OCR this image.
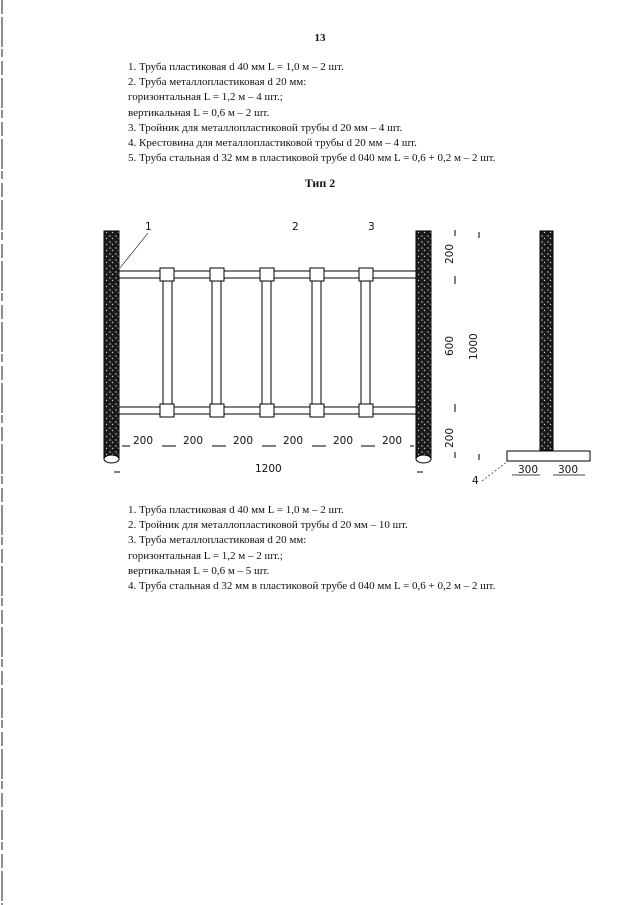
13
1. Труба пластиковая d 40 мм L = 1,0 м – 2 шт.
2. Труба металлопластиковая d 20 мм:
горизонтальная L = 1,2 м – 4 шт.;
вертикальная L = 0,6 м – 2 шт.
3. Тройник для металлопластиковой трубы d 20 мм – 4 шт.
4. Крестовина для металлопластиковой трубы d 20 мм – 4 шт.
5. Труба стальная d 32 мм в пластиковой трубе d 040 мм L = 0,6 + 0,2 м – 2 шт.
Тип 2
1	2	3
200	200	200	200	200	200
1200
200
600
200
1000
300 300
4
1. Труба пластиковая d 40 мм L = 1,0 м – 2 шт.
2. Тройник для металлопластиковой трубы d 20 мм – 10 шт.
3. Труба металлопластиковая d 20 мм:
горизонтальная L = 1,2 м – 2 шт.;
вертикальная L = 0,6 м – 5 шт.
4. Труба стальная d 32 мм в пластиковой трубе d 040 мм L = 0,6 + 0,2 м – 2 шт.
